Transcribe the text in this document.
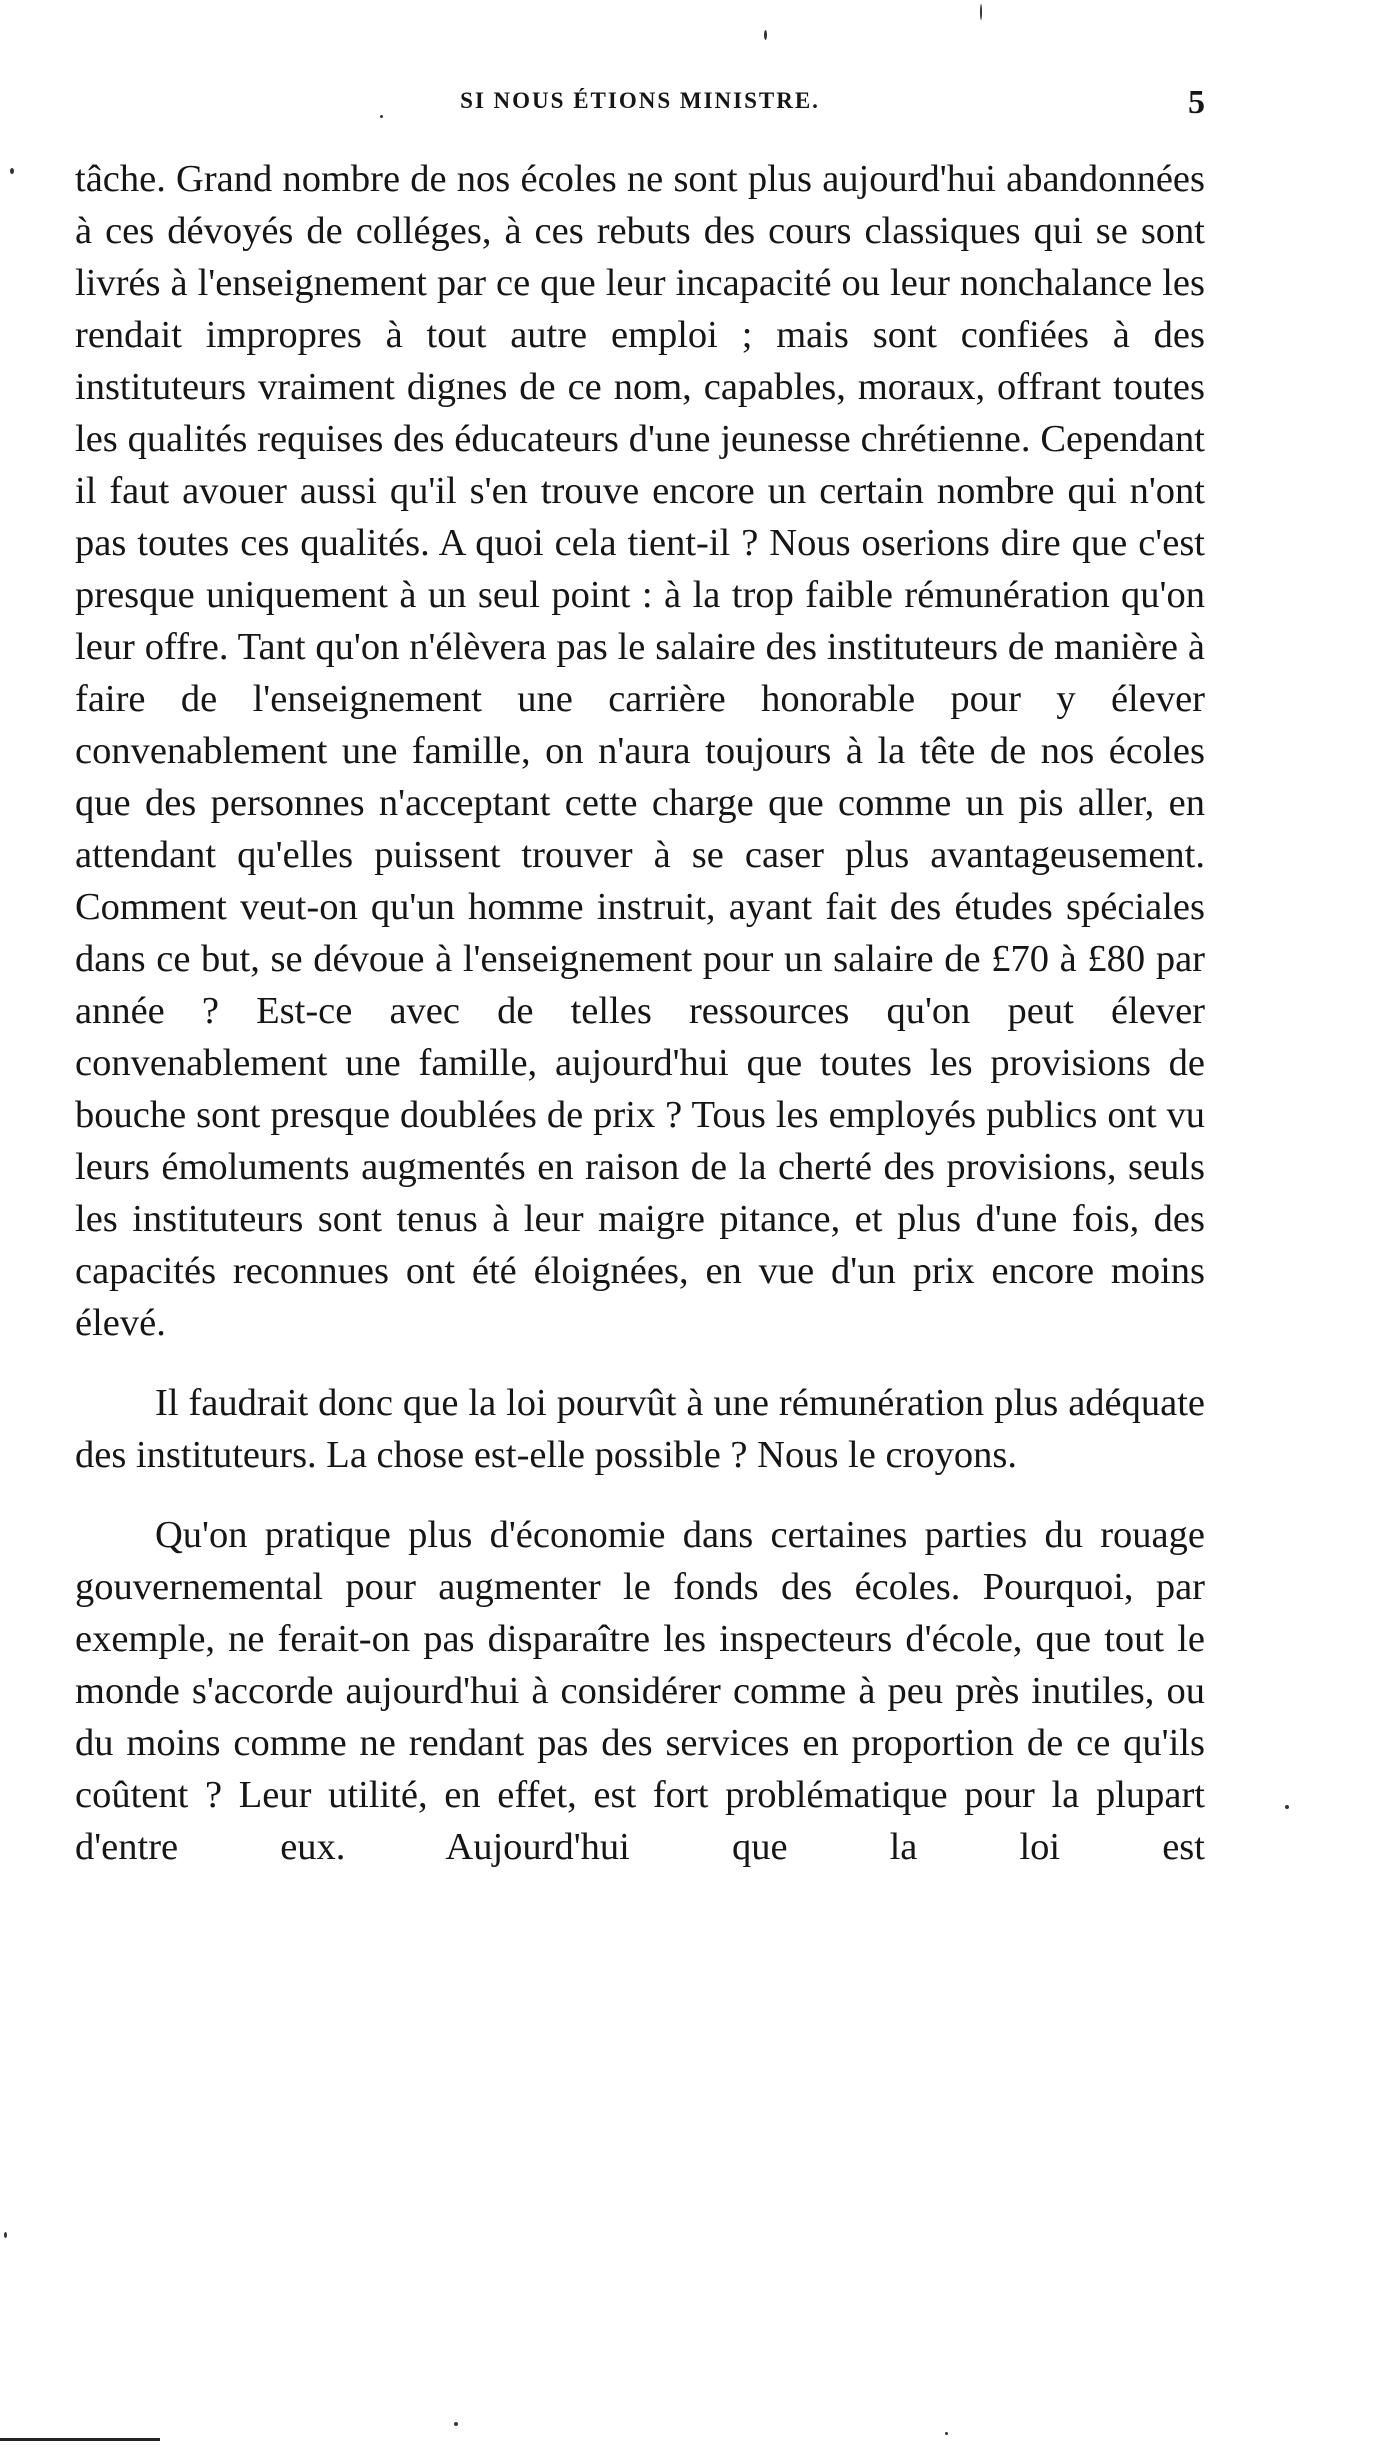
SI NOUS ÉTIONS MINISTRE.	5

tâche. Grand nombre de nos écoles ne sont plus aujourd'hui abandonnées à ces dévoyés de colléges, à ces rebuts des cours classiques qui se sont livrés à l'enseignement par ce que leur incapacité ou leur nonchalance les rendait impropres à tout autre emploi ; mais sont confiées à des instituteurs vraiment dignes de ce nom, capables, moraux, offrant toutes les qualités requises des éducateurs d'une jeunesse chrétienne. Cependant il faut avouer aussi qu'il s'en trouve encore un certain nombre qui n'ont pas toutes ces qualités. A quoi cela tient-il ? Nous oserions dire que c'est presque uniquement à un seul point : à la trop faible rémunération qu'on leur offre. Tant qu'on n'élèvera pas le salaire des instituteurs de manière à faire de l'enseignement une carrière honorable pour y élever convenablement une famille, on n'aura toujours à la tête de nos écoles que des personnes n'acceptant cette charge que comme un pis aller, en attendant qu'elles puissent trouver à se caser plus avantageusement. Comment veut-on qu'un homme instruit, ayant fait des études spéciales dans ce but, se dévoue à l'enseignement pour un salaire de £70 à £80 par année ? Est-ce avec de telles ressources qu'on peut élever convenablement une famille, aujourd'hui que toutes les provisions de bouche sont presque doublées de prix ? Tous les employés publics ont vu leurs émoluments augmentés en raison de la cherté des provisions, seuls les instituteurs sont tenus à leur maigre pitance, et plus d'une fois, des capacités reconnues ont été éloignées, en vue d'un prix encore moins élevé.

Il faudrait donc que la loi pourvût à une rémunération plus adéquate des instituteurs. La chose est-elle possible ? Nous le croyons.

Qu'on pratique plus d'économie dans certaines parties du rouage gouvernemental pour augmenter le fonds des écoles. Pourquoi, par exemple, ne ferait-on pas disparaître les inspecteurs d'école, que tout le monde s'accorde aujourd'hui à considérer comme à peu près inutiles, ou du moins comme ne rendant pas des services en proportion de ce qu'ils coûtent ? Leur utilité, en effet, est fort problématique pour la plupart d'entre eux. Aujourd'hui que la loi est
